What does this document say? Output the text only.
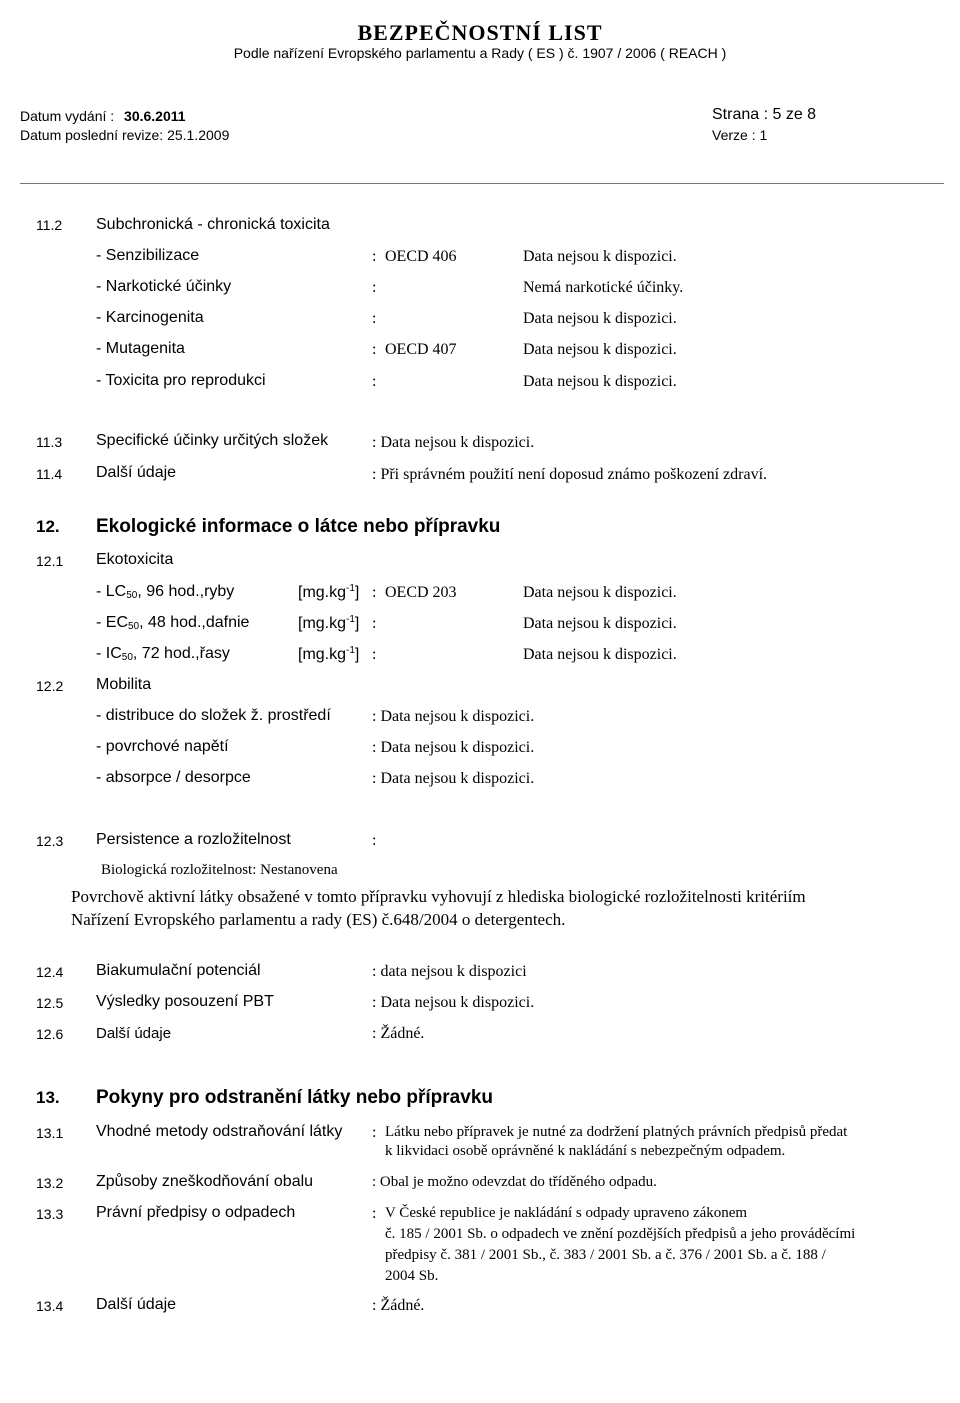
BEZPEČNOSTNÍ LIST
Podle nařízení Evropského parlamentu a Rady ( ES ) č. 1907 / 2006 ( REACH )
Datum vydání : 30.6.2011
Datum poslední revize: 25.1.2009
Strana : 5 ze 8
Verze : 1
11.2 Subchronická - chronická toxicita
- Senzibilizace	: OECD 406	Data nejsou k dispozici.
- Narkotické účinky	:	Nemá narkotické účinky.
- Karcinogenita	:	Data nejsou k dispozici.
- Mutagenita	: OECD 407	Data nejsou k dispozici.
- Toxicita pro reprodukci	:	Data nejsou k dispozici.
11.3 Specifické účinky určitých složek	: Data nejsou k dispozici.
11.4 Další údaje	: Při správném použití není doposud známo poškození zdraví.
12. Ekologické informace o látce nebo přípravku
12.1 Ekotoxicita
- $LC_{50}$, 96 hod.,ryby	$[mg.kg^{-1}]$ : OECD 203	Data nejsou k dispozici.
- $EC_{50}$, 48 hod.,dafnie	$[mg.kg^{-1}]$ :	Data nejsou k dispozici.
- $IC_{50}$, 72 hod.,řasy	$[mg.kg^{-1}]$ :	Data nejsou k dispozici.
12.2 Mobilita
- distribuce do složek ž. prostředí	: Data nejsou k dispozici.
- povrchové napětí	: Data nejsou k dispozici.
- absorpce / desorpce	: Data nejsou k dispozici.
12.3 Persistence a rozložitelnost	:
Biologická rozložitelnost: Nestanovena
Povrchově aktivní látky obsažené v tomto přípravku vyhovují z hlediska biologické rozložitelnosti kritériím
Nařízení Evropského parlamentu a rady (ES) č.648/2004 o detergentech.
12.4 Biakumulační potenciál	: data nejsou k dispozici
12.5 Výsledky posouzení PBT	: Data nejsou k dispozici.
12.6 Další údaje	: Žádné.
13. Pokyny pro odstranění látky nebo přípravku
13.1 Vhodné metody odstraňování látky : Látku nebo přípravek je nutné za dodržení platných právních předpisů předat
k likvidaci osobě oprávněné k nakládání s nebezpečným odpadem.
13.2 Způsoby zneškodňování obalu	: Obal je možno odevzdat do tříděného odpadu.
13.3 Právní předpisy o odpadech	: V České republice je nakládání s odpady upraveno zákonem
č. 185 / 2001 Sb. o odpadech ve znění pozdějších předpisů a jeho prováděcími
předpisy č. 381 / 2001 Sb., č. 383 / 2001 Sb. a č. 376 / 2001 Sb. a č. 188 /
2004 Sb.
13.4 Další údaje	: Žádné.
